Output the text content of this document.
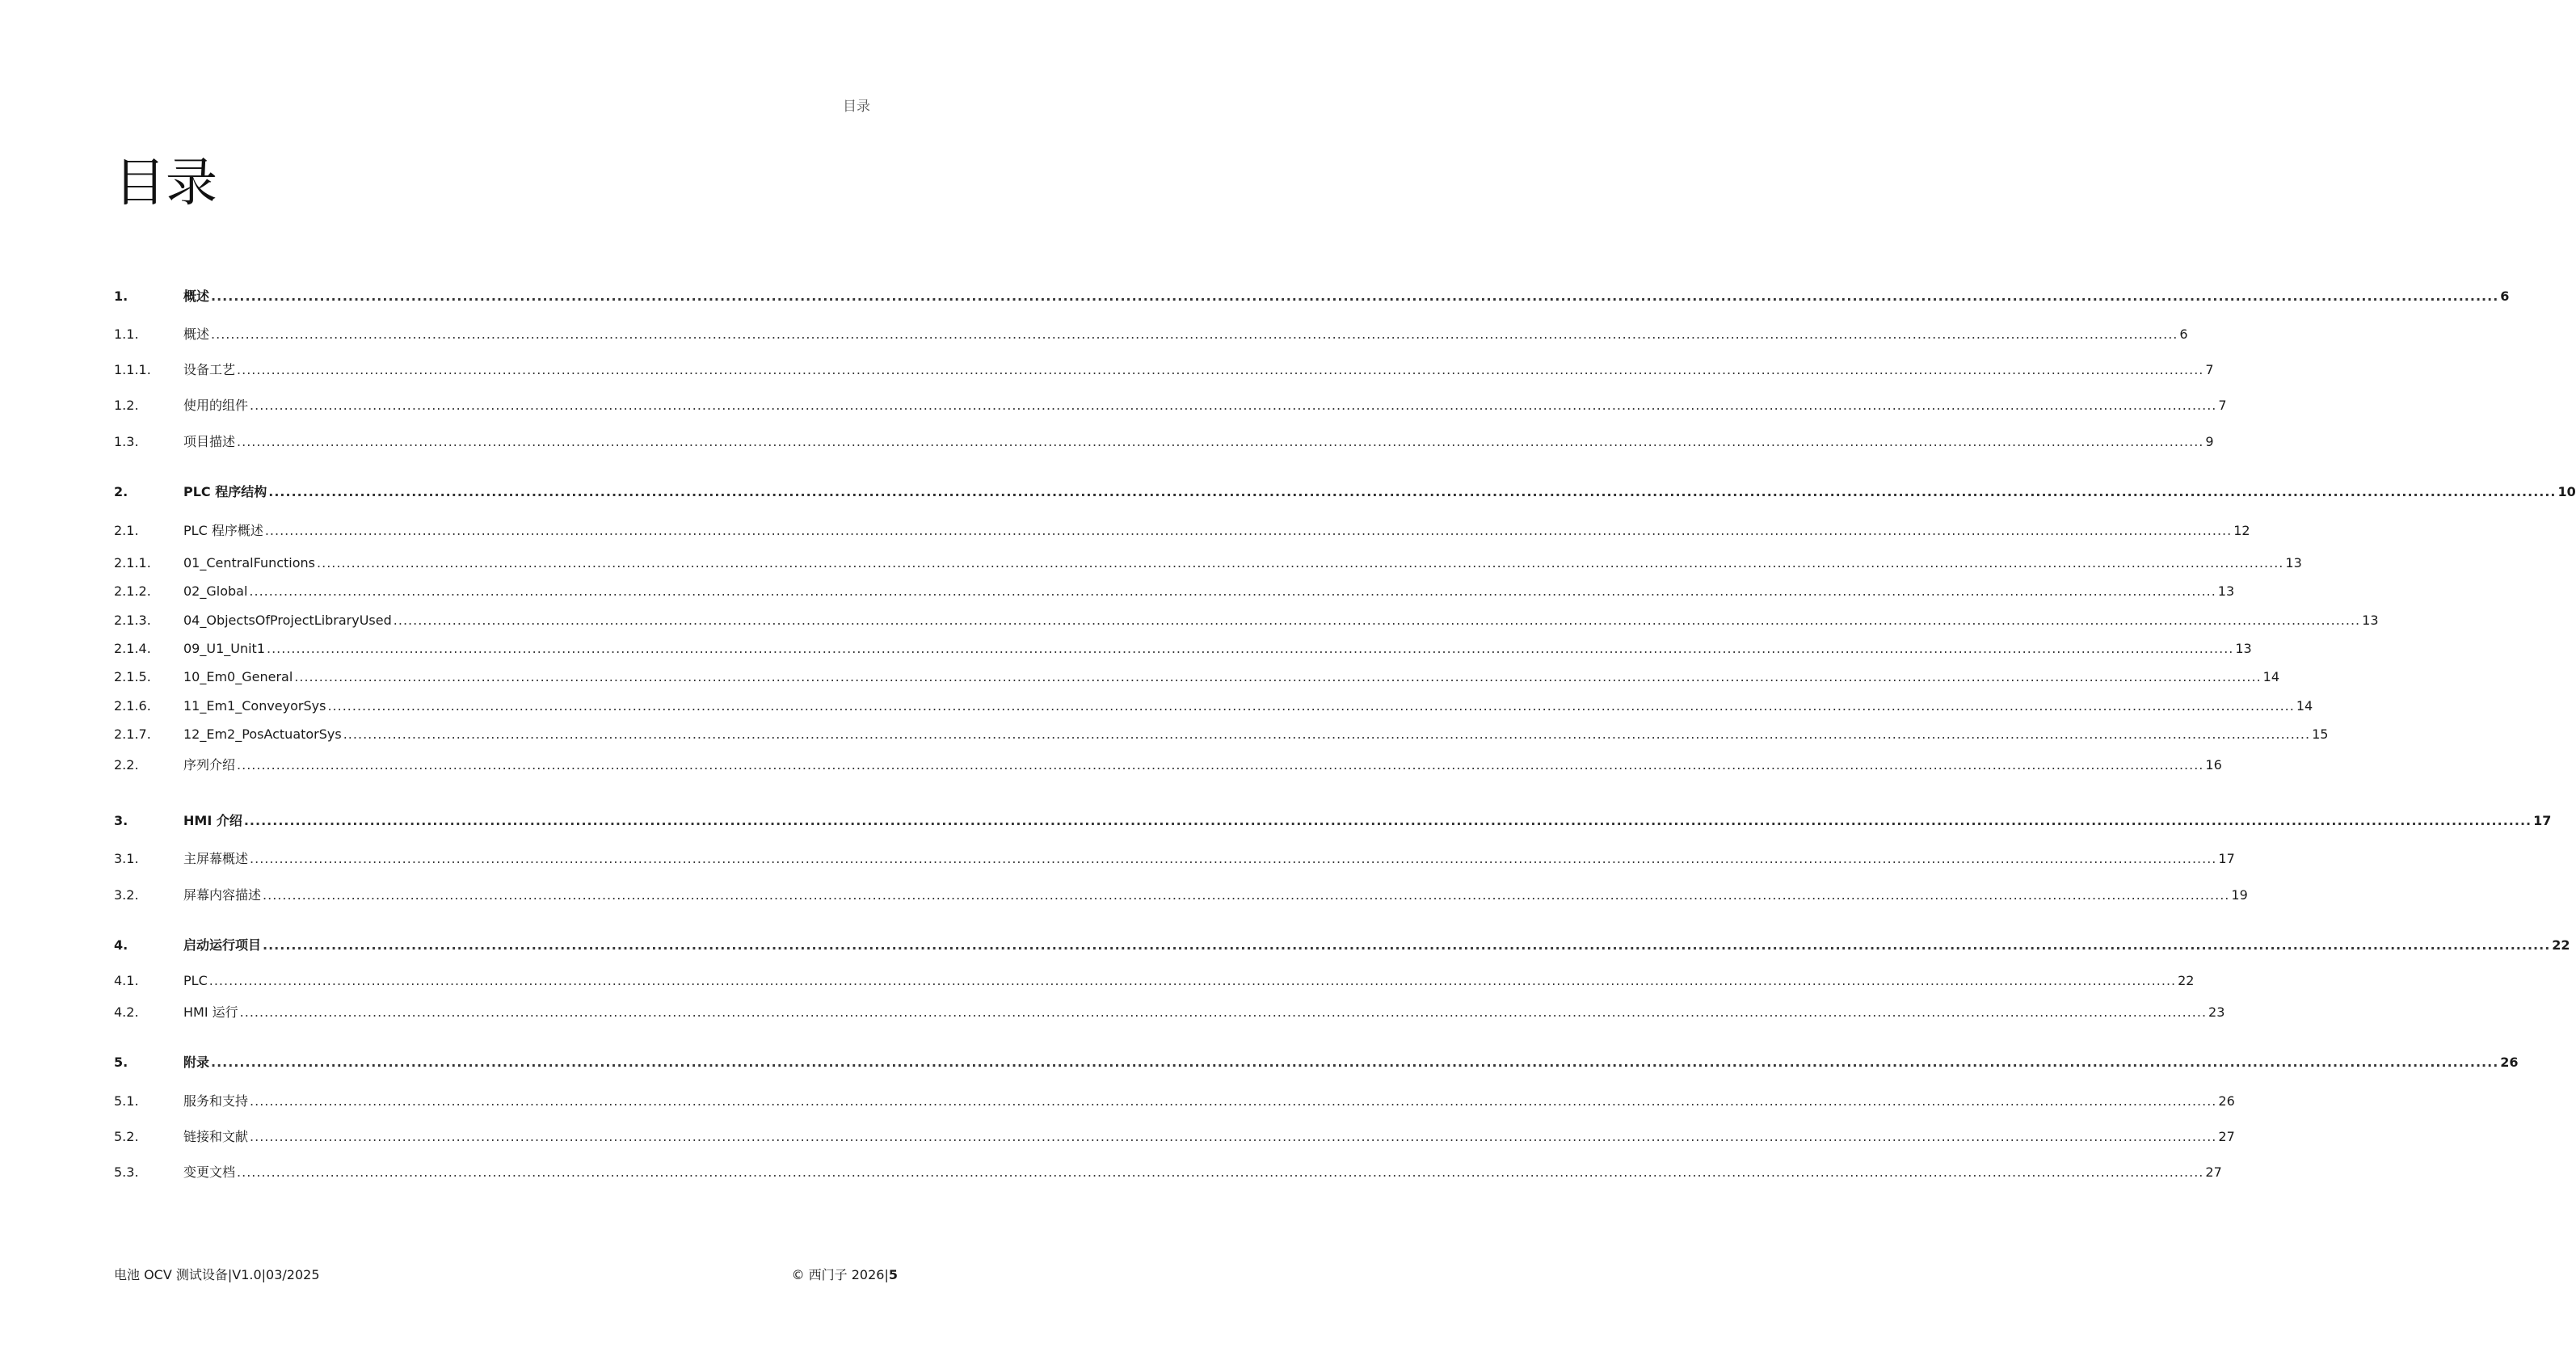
目录
目录
1.	概述 ................................................................................................................................................................................................................................................................................................................................................................................................................ 6
1.1.	概述 ................................................................................................................................................................................................................................................................................................................................................................................................................ 6
1.1.1.	设备工艺 ................................................................................................................................................................................................................................................................................................................................................................................................................ 7
1.2.	使用的组件 ................................................................................................................................................................................................................................................................................................................................................................................................................ 7
1.3.	项目描述 ................................................................................................................................................................................................................................................................................................................................................................................................................ 9
2.	PLC 程序结构 ................................................................................................................................................................................................................................................................................................................................................................................................................ 10
2.1.	PLC 程序概述 ................................................................................................................................................................................................................................................................................................................................................................................................................ 12
2.1.1.	01_CentralFunctions ................................................................................................................................................................................................................................................................................................................................................................................................................ 13
2.1.2.	02_Global ................................................................................................................................................................................................................................................................................................................................................................................................................ 13
2.1.3.	04_ObjectsOfProjectLibraryUsed ................................................................................................................................................................................................................................................................................................................................................................................................................ 13
2.1.4.	09_U1_Unit1 ................................................................................................................................................................................................................................................................................................................................................................................................................ 13
2.1.5.	10_Em0_General ................................................................................................................................................................................................................................................................................................................................................................................................................ 14
2.1.6.	11_Em1_ConveyorSys ................................................................................................................................................................................................................................................................................................................................................................................................................ 14
2.1.7.	12_Em2_PosActuatorSys ................................................................................................................................................................................................................................................................................................................................................................................................................ 15
2.2.	序列介绍 ................................................................................................................................................................................................................................................................................................................................................................................................................ 16
3.	HMI 介绍 ................................................................................................................................................................................................................................................................................................................................................................................................................ 17
3.1.	主屏幕概述 ................................................................................................................................................................................................................................................................................................................................................................................................................ 17
3.2.	屏幕内容描述 ................................................................................................................................................................................................................................................................................................................................................................................................................ 19
4.	启动运行项目 ................................................................................................................................................................................................................................................................................................................................................................................................................ 22
4.1.	PLC ................................................................................................................................................................................................................................................................................................................................................................................................................ 22
4.2.	HMI 运行 ................................................................................................................................................................................................................................................................................................................................................................................................................ 23
5.	附录 ................................................................................................................................................................................................................................................................................................................................................................................................................ 26
5.1.	服务和支持 ................................................................................................................................................................................................................................................................................................................................................................................................................ 26
5.2.	链接和文献 ................................................................................................................................................................................................................................................................................................................................................................................................................ 27
5.3.	变更文档 ................................................................................................................................................................................................................................................................................................................................................................................................................ 27
电池 OCV 测试设备|V1.0|03/2025	© 西门子 2026|5
